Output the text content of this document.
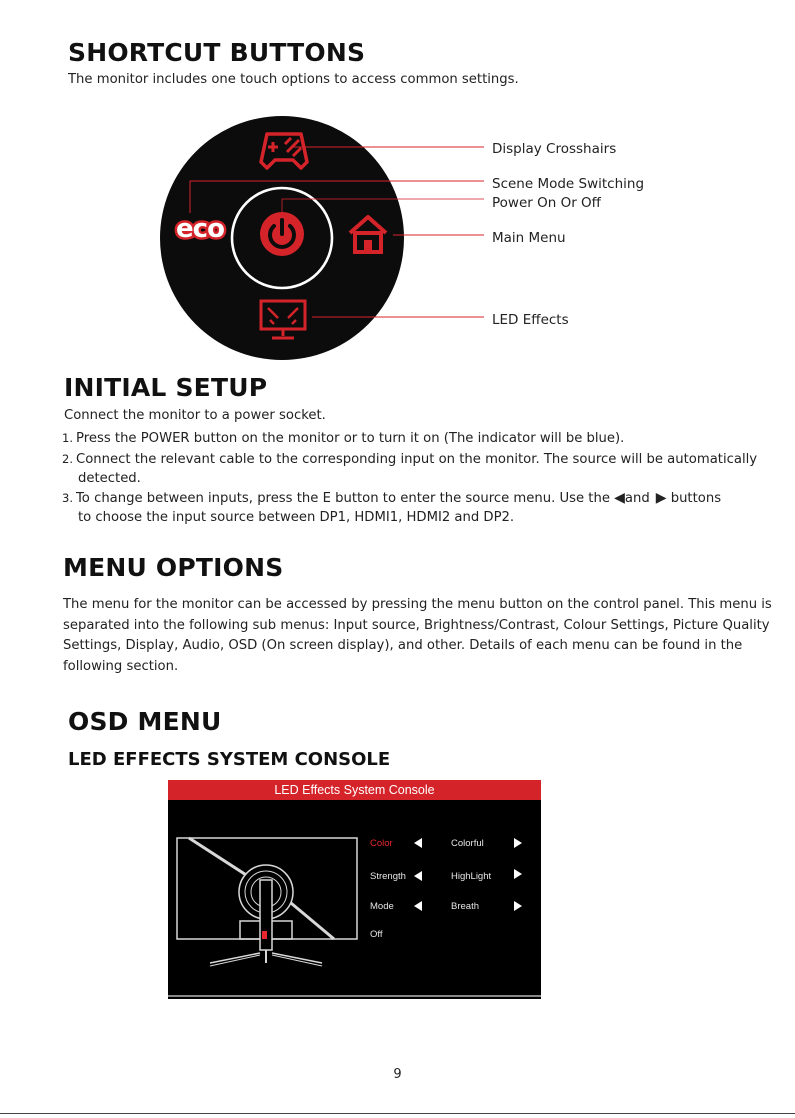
SHORTCUT BUTTONS
The monitor includes one touch options to access common settings.
eco
Display Crosshairs
Scene Mode Switching
Power On Or Off
Main Menu
LED Effects
INITIAL SETUP
Connect the monitor to a power socket.
1. Press the POWER button on the monitor or to turn it on (The indicator will be blue).
2. Connect the relevant cable to the corresponding input on the monitor. The source will be automatically
detected.
3. To change between inputs, press the E button to enter the source menu. Use the ◀and ▶ buttons
to choose the input source between DP1, HDMI1, HDMI2 and DP2.
MENU OPTIONS
The menu for the monitor can be accessed by pressing the menu button on the control panel. This menu is
separated into the following sub menus: Input source, Brightness/Contrast, Colour Settings, Picture Quality
Settings, Display, Audio, OSD (On screen display), and other. Details of each menu can be found in the
following section.
OSD MENU
LED EFFECTS SYSTEM CONSOLE
LED Effects System Console
Color	Colorful
Strength	HighLight
Mode	Breath
Off
9
